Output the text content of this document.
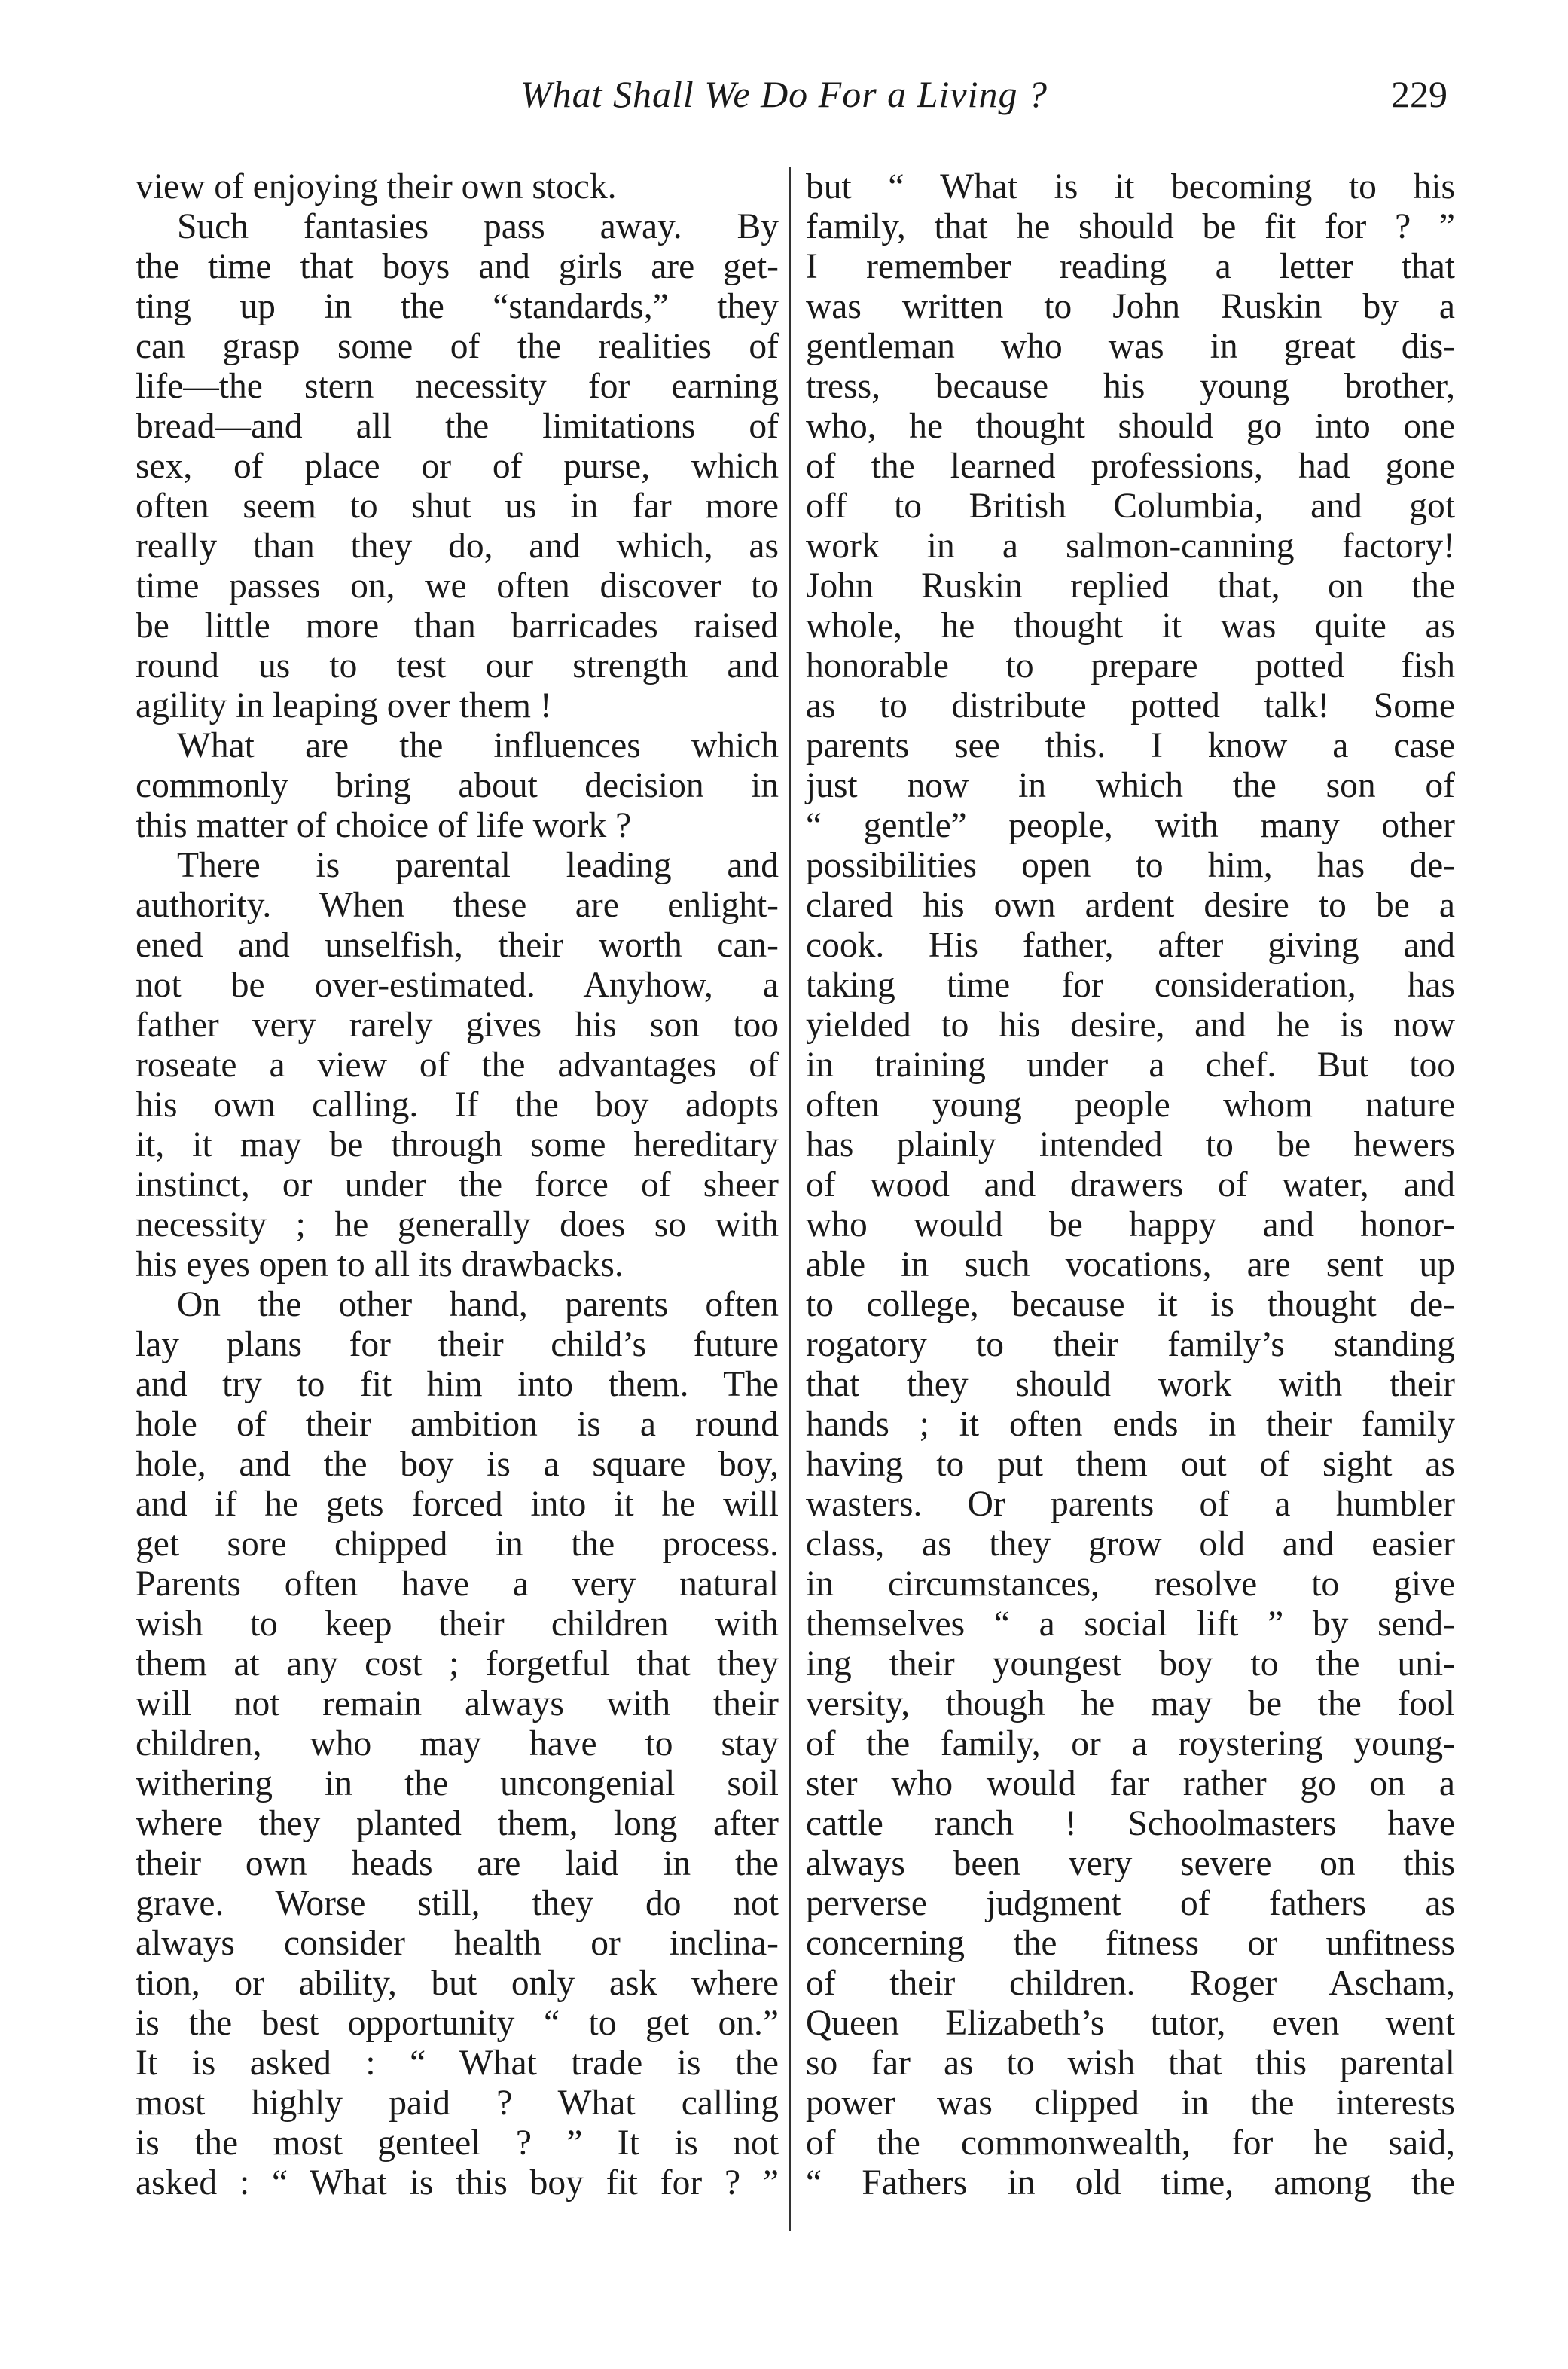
What Shall We Do For a Living ?	229
view of enjoying their own stock.
Such fantasies pass away. By
the time that boys and girls are get-
ting up in the “standards,” they
can grasp some of the realities of
life—the stern necessity for earning
bread—and all the limitations of
sex, of place or of purse, which
often seem to shut us in far more
really than they do, and which, as
time passes on, we often discover to
be little more than barricades raised
round us to test our strength and
agility in leaping over them !
What are the influences which
commonly bring about decision in
this matter of choice of life work ?
There is parental leading and
authority. When these are enlight-
ened and unselfish, their worth can-
not be over-estimated. Anyhow, a
father very rarely gives his son too
roseate a view of the advantages of
his own calling. If the boy adopts
it, it may be through some hereditary
instinct, or under the force of sheer
necessity ; he generally does so with
his eyes open to all its drawbacks.
On the other hand, parents often
lay plans for their child’s future
and try to fit him into them. The
hole of their ambition is a round
hole, and the boy is a square boy,
and if he gets forced into it he will
get sore chipped in the process.
Parents often have a very natural
wish to keep their children with
them at any cost ; forgetful that they
will not remain always with their
children, who may have to stay
withering in the uncongenial soil
where they planted them, long after
their own heads are laid in the
grave. Worse still, they do not
always consider health or inclina-
tion, or ability, but only ask where
is the best opportunity “ to get on.”
It is asked : “ What trade is the
most highly paid ? What calling
is the most genteel ? ” It is not
asked : “ What is this boy fit for ? ”
but “ What is it becoming to his
family, that he should be fit for ? ”
I remember reading a letter that
was written to John Ruskin by a
gentleman who was in great dis-
tress, because his young brother,
who, he thought should go into one
of the learned professions, had gone
off to British Columbia, and got
work in a salmon-canning factory!
John Ruskin replied that, on the
whole, he thought it was quite as
honorable to prepare potted fish
as to distribute potted talk! Some
parents see this. I know a case
just now in which the son of
“ gentle” people, with many other
possibilities open to him, has de-
clared his own ardent desire to be a
cook. His father, after giving and
taking time for consideration, has
yielded to his desire, and he is now
in training under a chef. But too
often young people whom nature
has plainly intended to be hewers
of wood and drawers of water, and
who would be happy and honor-
able in such vocations, are sent up
to college, because it is thought de-
rogatory to their family’s standing
that they should work with their
hands ; it often ends in their family
having to put them out of sight as
wasters. Or parents of a humbler
class, as they grow old and easier
in circumstances, resolve to give
themselves “ a social lift ” by send-
ing their youngest boy to the uni-
versity, though he may be the fool
of the family, or a roystering young-
ster who would far rather go on a
cattle ranch ! Schoolmasters have
always been very severe on this
perverse judgment of fathers as
concerning the fitness or unfitness
of their children. Roger Ascham,
Queen Elizabeth’s tutor, even went
so far as to wish that this parental
power was clipped in the interests
of the commonwealth, for he said,
“ Fathers in old time, among the
